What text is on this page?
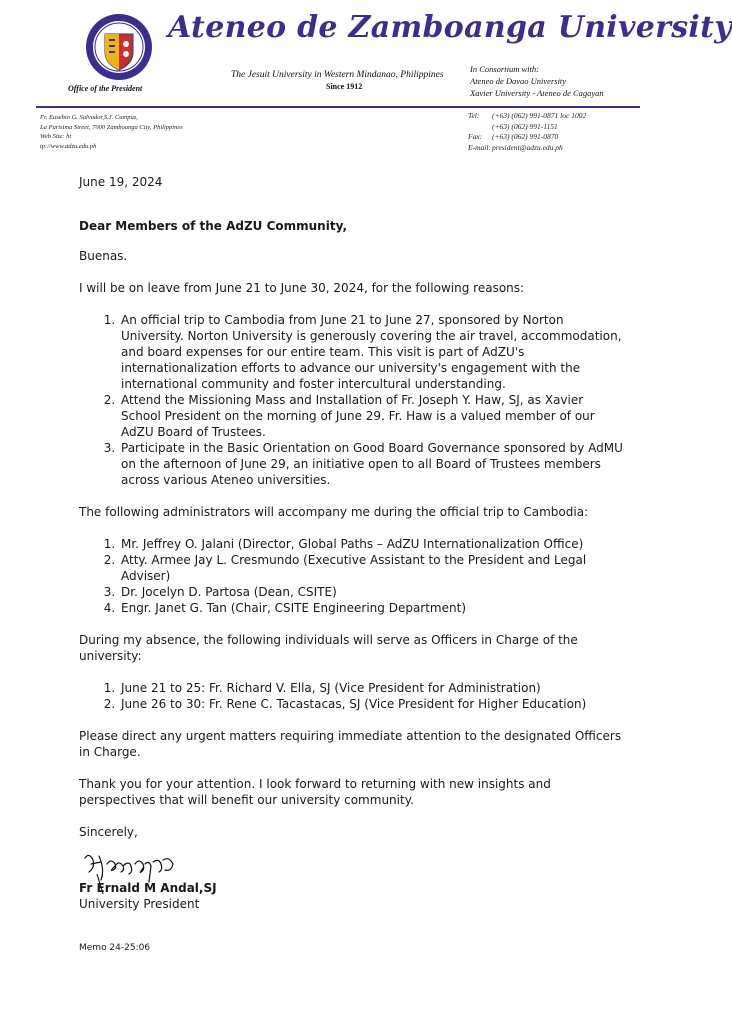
Office of the President
Ateneo de Zamboanga University
The Jesuit University in Western Mindanao, Philippines
Since 1912
In Consortium with:
Ateneo de Davao University
Xavier University - Ateneo de Cagayan
Fr. Eusebio G. Salvador,S.J. Campus,
La Purisima Street, 7000 Zamboanga City, Philippines
Web Site: ht
tp://www.adzu.edu.ph
Tel:	(+63) (062) 991-0871 loc 1002
(+63) (062) 991-1151
Fax:	(+63) (062) 991-0870
E-mail: president@adzu.edu.ph
June 19, 2024
Dear Members of the AdZU Community,
Buenas.
I will be on leave from June 21 to June 30, 2024, for the following reasons:
1. An official trip to Cambodia from June 21 to June 27, sponsored by Norton University. Norton University is generously covering the air travel, accommodation, and board expenses for our entire team. This visit is part of AdZU's internationalization efforts to advance our university's engagement with the international community and foster intercultural understanding.
2. Attend the Missioning Mass and Installation of Fr. Joseph Y. Haw, SJ, as Xavier School President on the morning of June 29. Fr. Haw is a valued member of our AdZU Board of Trustees.
3. Participate in the Basic Orientation on Good Board Governance sponsored by AdMU on the afternoon of June 29, an initiative open to all Board of Trustees members across various Ateneo universities.
The following administrators will accompany me during the official trip to Cambodia:
1. Mr. Jeffrey O. Jalani (Director, Global Paths – AdZU Internationalization Office)
2. Atty. Armee Jay L. Cresmundo (Executive Assistant to the President and Legal Adviser)
3. Dr. Jocelyn D. Partosa (Dean, CSITE)
4. Engr. Janet G. Tan (Chair, CSITE Engineering Department)
During my absence, the following individuals will serve as Officers in Charge of the university:
1. June 21 to 25: Fr. Richard V. Ella, SJ (Vice President for Administration)
2. June 26 to 30: Fr. Rene C. Tacastacas, SJ (Vice President for Higher Education)
Please direct any urgent matters requiring immediate attention to the designated Officers in Charge.
Thank you for your attention. I look forward to returning with new insights and perspectives that will benefit our university community.
Sincerely,
Fr Ernald M Andal,SJ
University President
Memo 24-25:06
